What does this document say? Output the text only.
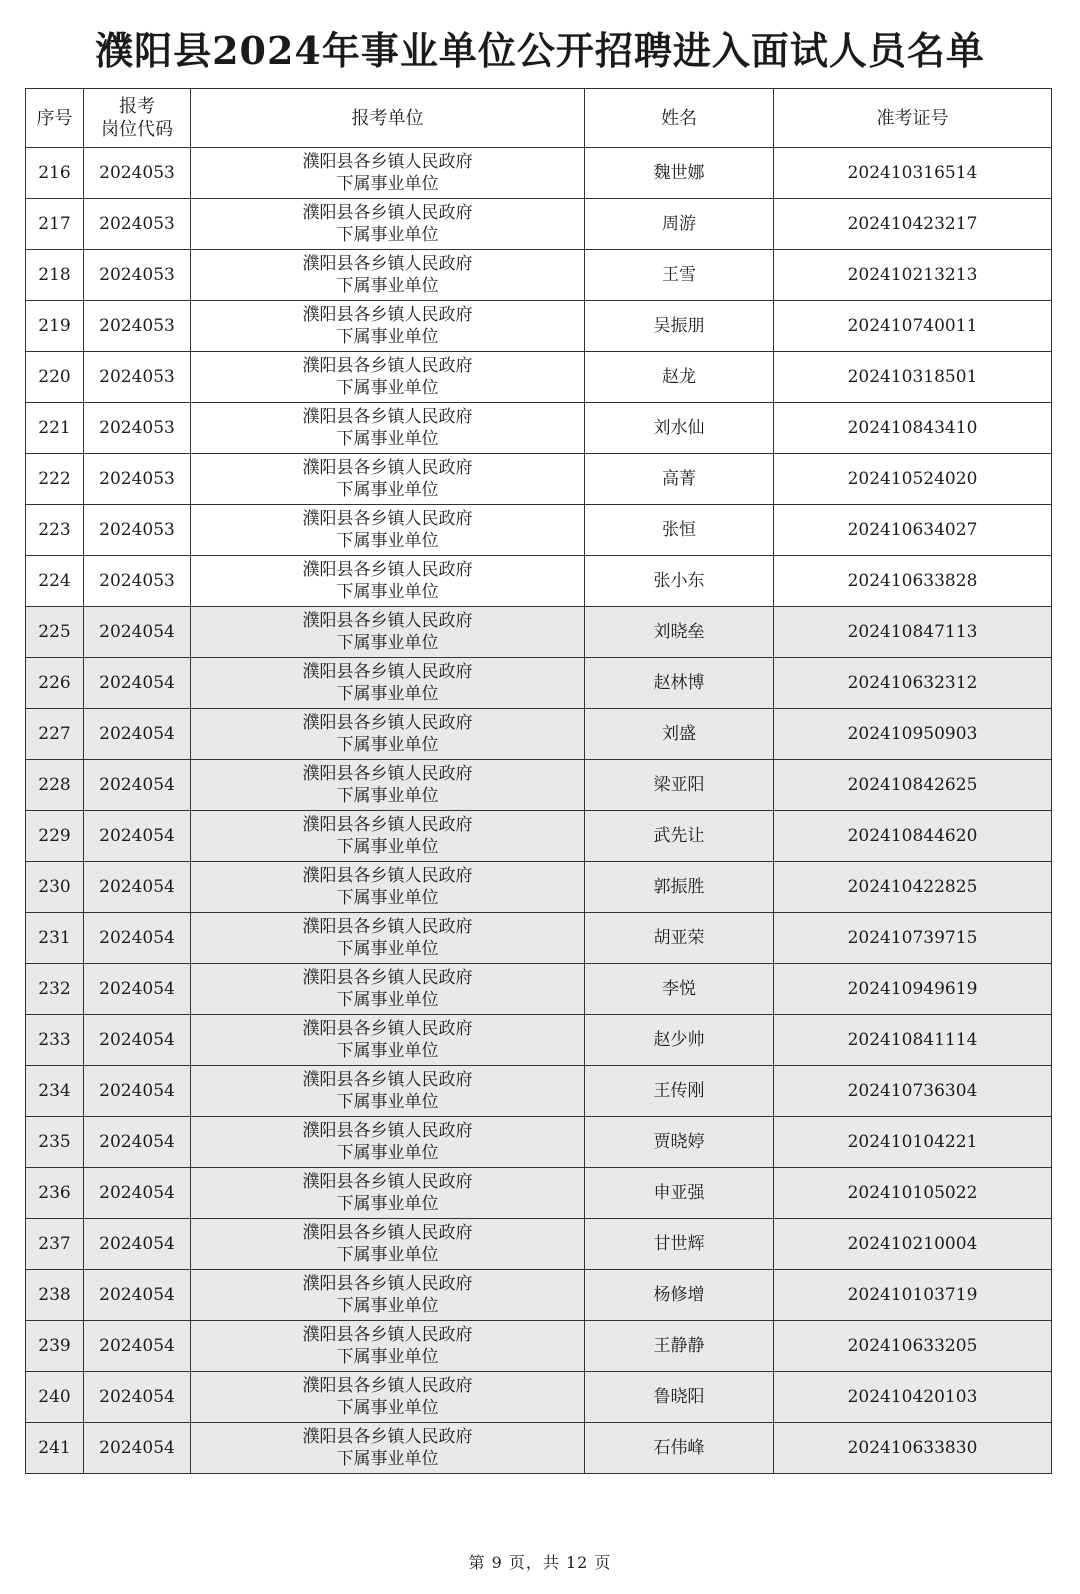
濮阳县2024年事业单位公开招聘进入面试人员名单
序号	报考
岗位代码	报考单位	姓名	准考证号
216	2024053	濮阳县各乡镇人民政府
下属事业单位	魏世娜	202410316514
217	2024053	濮阳县各乡镇人民政府
下属事业单位	周游	202410423217
218	2024053	濮阳县各乡镇人民政府
下属事业单位	王雪	202410213213
219	2024053	濮阳县各乡镇人民政府
下属事业单位	吴振朋	202410740011
220	2024053	濮阳县各乡镇人民政府
下属事业单位	赵龙	202410318501
221	2024053	濮阳县各乡镇人民政府
下属事业单位	刘水仙	202410843410
222	2024053	濮阳县各乡镇人民政府
下属事业单位	高菁	202410524020
223	2024053	濮阳县各乡镇人民政府
下属事业单位	张恒	202410634027
224	2024053	濮阳县各乡镇人民政府
下属事业单位	张小东	202410633828
225	2024054	濮阳县各乡镇人民政府
下属事业单位	刘晓垒	202410847113
226	2024054	濮阳县各乡镇人民政府
下属事业单位	赵林博	202410632312
227	2024054	濮阳县各乡镇人民政府
下属事业单位	刘盛	202410950903
228	2024054	濮阳县各乡镇人民政府
下属事业单位	梁亚阳	202410842625
229	2024054	濮阳县各乡镇人民政府
下属事业单位	武先让	202410844620
230	2024054	濮阳县各乡镇人民政府
下属事业单位	郭振胜	202410422825
231	2024054	濮阳县各乡镇人民政府
下属事业单位	胡亚荣	202410739715
232	2024054	濮阳县各乡镇人民政府
下属事业单位	李悦	202410949619
233	2024054	濮阳县各乡镇人民政府
下属事业单位	赵少帅	202410841114
234	2024054	濮阳县各乡镇人民政府
下属事业单位	王传刚	202410736304
235	2024054	濮阳县各乡镇人民政府
下属事业单位	贾晓婷	202410104221
236	2024054	濮阳县各乡镇人民政府
下属事业单位	申亚强	202410105022
237	2024054	濮阳县各乡镇人民政府
下属事业单位	甘世辉	202410210004
238	2024054	濮阳县各乡镇人民政府
下属事业单位	杨修增	202410103719
239	2024054	濮阳县各乡镇人民政府
下属事业单位	王静静	202410633205
240	2024054	濮阳县各乡镇人民政府
下属事业单位	鲁晓阳	202410420103
241	2024054	濮阳县各乡镇人民政府
下属事业单位	石伟峰	202410633830
第 9 页，共 12 页
